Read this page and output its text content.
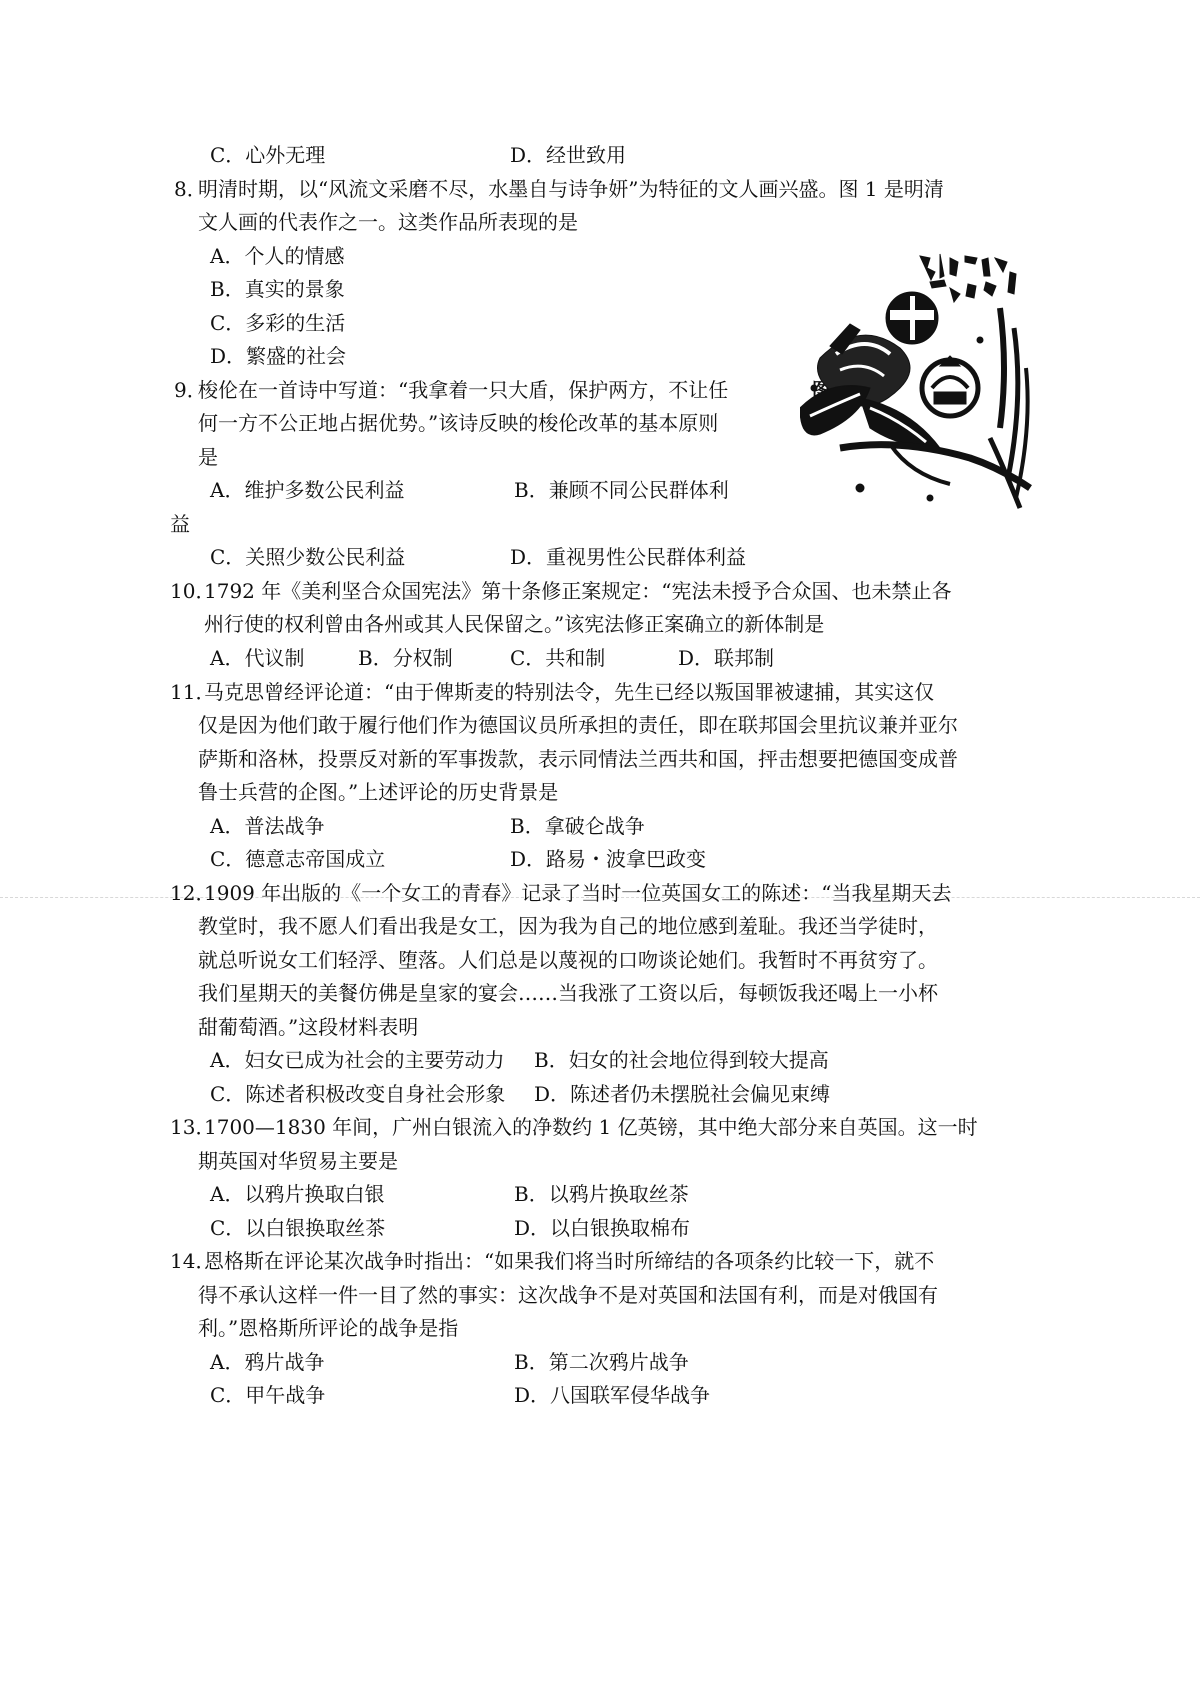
C．心外无理	D．经世致用
8．
明清时期，以“风流文采磨不尽，水墨自与诗争妍”为特征的文人画兴盛。图 1 是明清
文人画的代表作之一。这类作品所表现的是
A．个人的情感
B．真实的景象
C．多彩的生活
D．繁盛的社会
9．
梭伦在一首诗中写道：“我拿着一只大盾，保护两方，不让任
何一方不公正地占据优势。”该诗反映的梭伦改革的基本原则
是
A．维护多数公民利益	B．兼顾不同公民群体利
益
C．关照少数公民利益	D．重视男性公民群体利益
10．
1792 年《美利坚合众国宪法》第十条修正案规定：“宪法未授予合众国、也未禁止各
州行使的权利曾由各州或其人民保留之。”该宪法修正案确立的新体制是
A．代议制	B．分权制	C．共和制	D．联邦制
11．
马克思曾经评论道：“由于俾斯麦的特别法令，先生已经以叛国罪被逮捕，其实这仅
仅是因为他们敢于履行他们作为德国议员所承担的责任，即在联邦国会里抗议兼并亚尔
萨斯和洛林，投票反对新的军事拨款，表示同情法兰西共和国，抨击想要把德国变成普
鲁士兵营的企图。”上述评论的历史背景是
A．普法战争	B．拿破仑战争
C．德意志帝国成立	D．路易・波拿巴政变
12．
1909 年出版的《一个女工的青春》记录了当时一位英国女工的陈述：“当我星期天去
教堂时，我不愿人们看出我是女工，因为我为自己的地位感到羞耻。我还当学徒时，
就总听说女工们轻浮、堕落。人们总是以蔑视的口吻谈论她们。我暂时不再贫穷了。
我们星期天的美餐仿佛是皇家的宴会……当我涨了工资以后，每顿饭我还喝上一小杯
甜葡萄酒。”这段材料表明
A．妇女已成为社会的主要劳动力 B．妇女的社会地位得到较大提高
C．陈述者积极改变自身社会形象 D．陈述者仍未摆脱社会偏见束缚
13．
1700—1830 年间，广州白银流入的净数约 1 亿英镑，其中绝大部分来自英国。这一时
期英国对华贸易主要是
A．以鸦片换取白银	B．以鸦片换取丝茶
C．以白银换取丝茶	D．以白银换取棉布
14．
恩格斯在评论某次战争时指出：“如果我们将当时所缔结的各项条约比较一下，就不
得不承认这样一件一目了然的事实：这次战争不是对英国和法国有利，而是对俄国有
利。”恩格斯所评论的战争是指
A．鸦片战争	B．第二次鸦片战争
C．甲午战争	D．八国联军侵华战争
